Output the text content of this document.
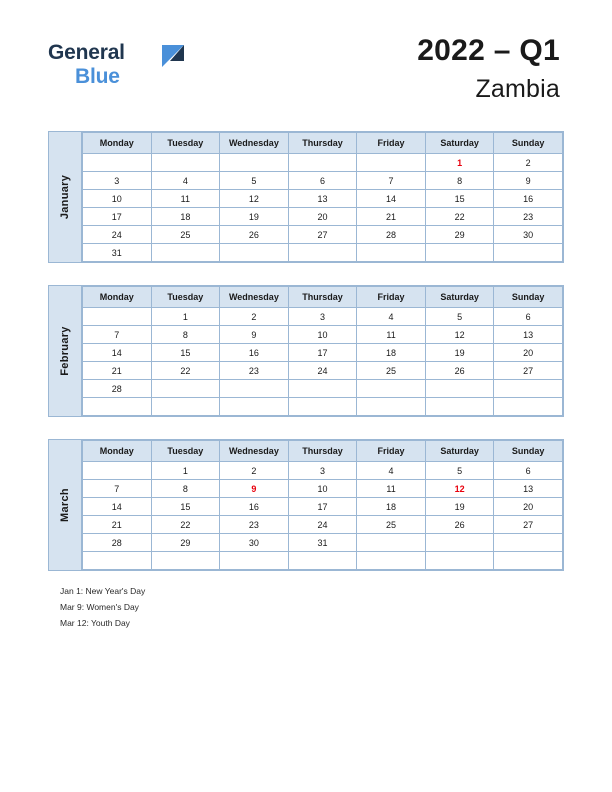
General
Blue
2022 – Q1
Zambia
January
Monday	Tuesday	Wednesday	Thursday	Friday	Saturday	Sunday
					1	2
3	4	5	6	7	8	9
10	11	12	13	14	15	16
17	18	19	20	21	22	23
24	25	26	27	28	29	30
31						
February
Monday	Tuesday	Wednesday	Thursday	Friday	Saturday	Sunday
	1	2	3	4	5	6
7	8	9	10	11	12	13
14	15	16	17	18	19	20
21	22	23	24	25	26	27
28						

March
Monday	Tuesday	Wednesday	Thursday	Friday	Saturday	Sunday
	1	2	3	4	5	6
7	8	9	10	11	12	13
14	15	16	17	18	19	20
21	22	23	24	25	26	27
28	29	30	31			

Jan 1: New Year's Day
Mar 9: Women's Day
Mar 12: Youth Day
